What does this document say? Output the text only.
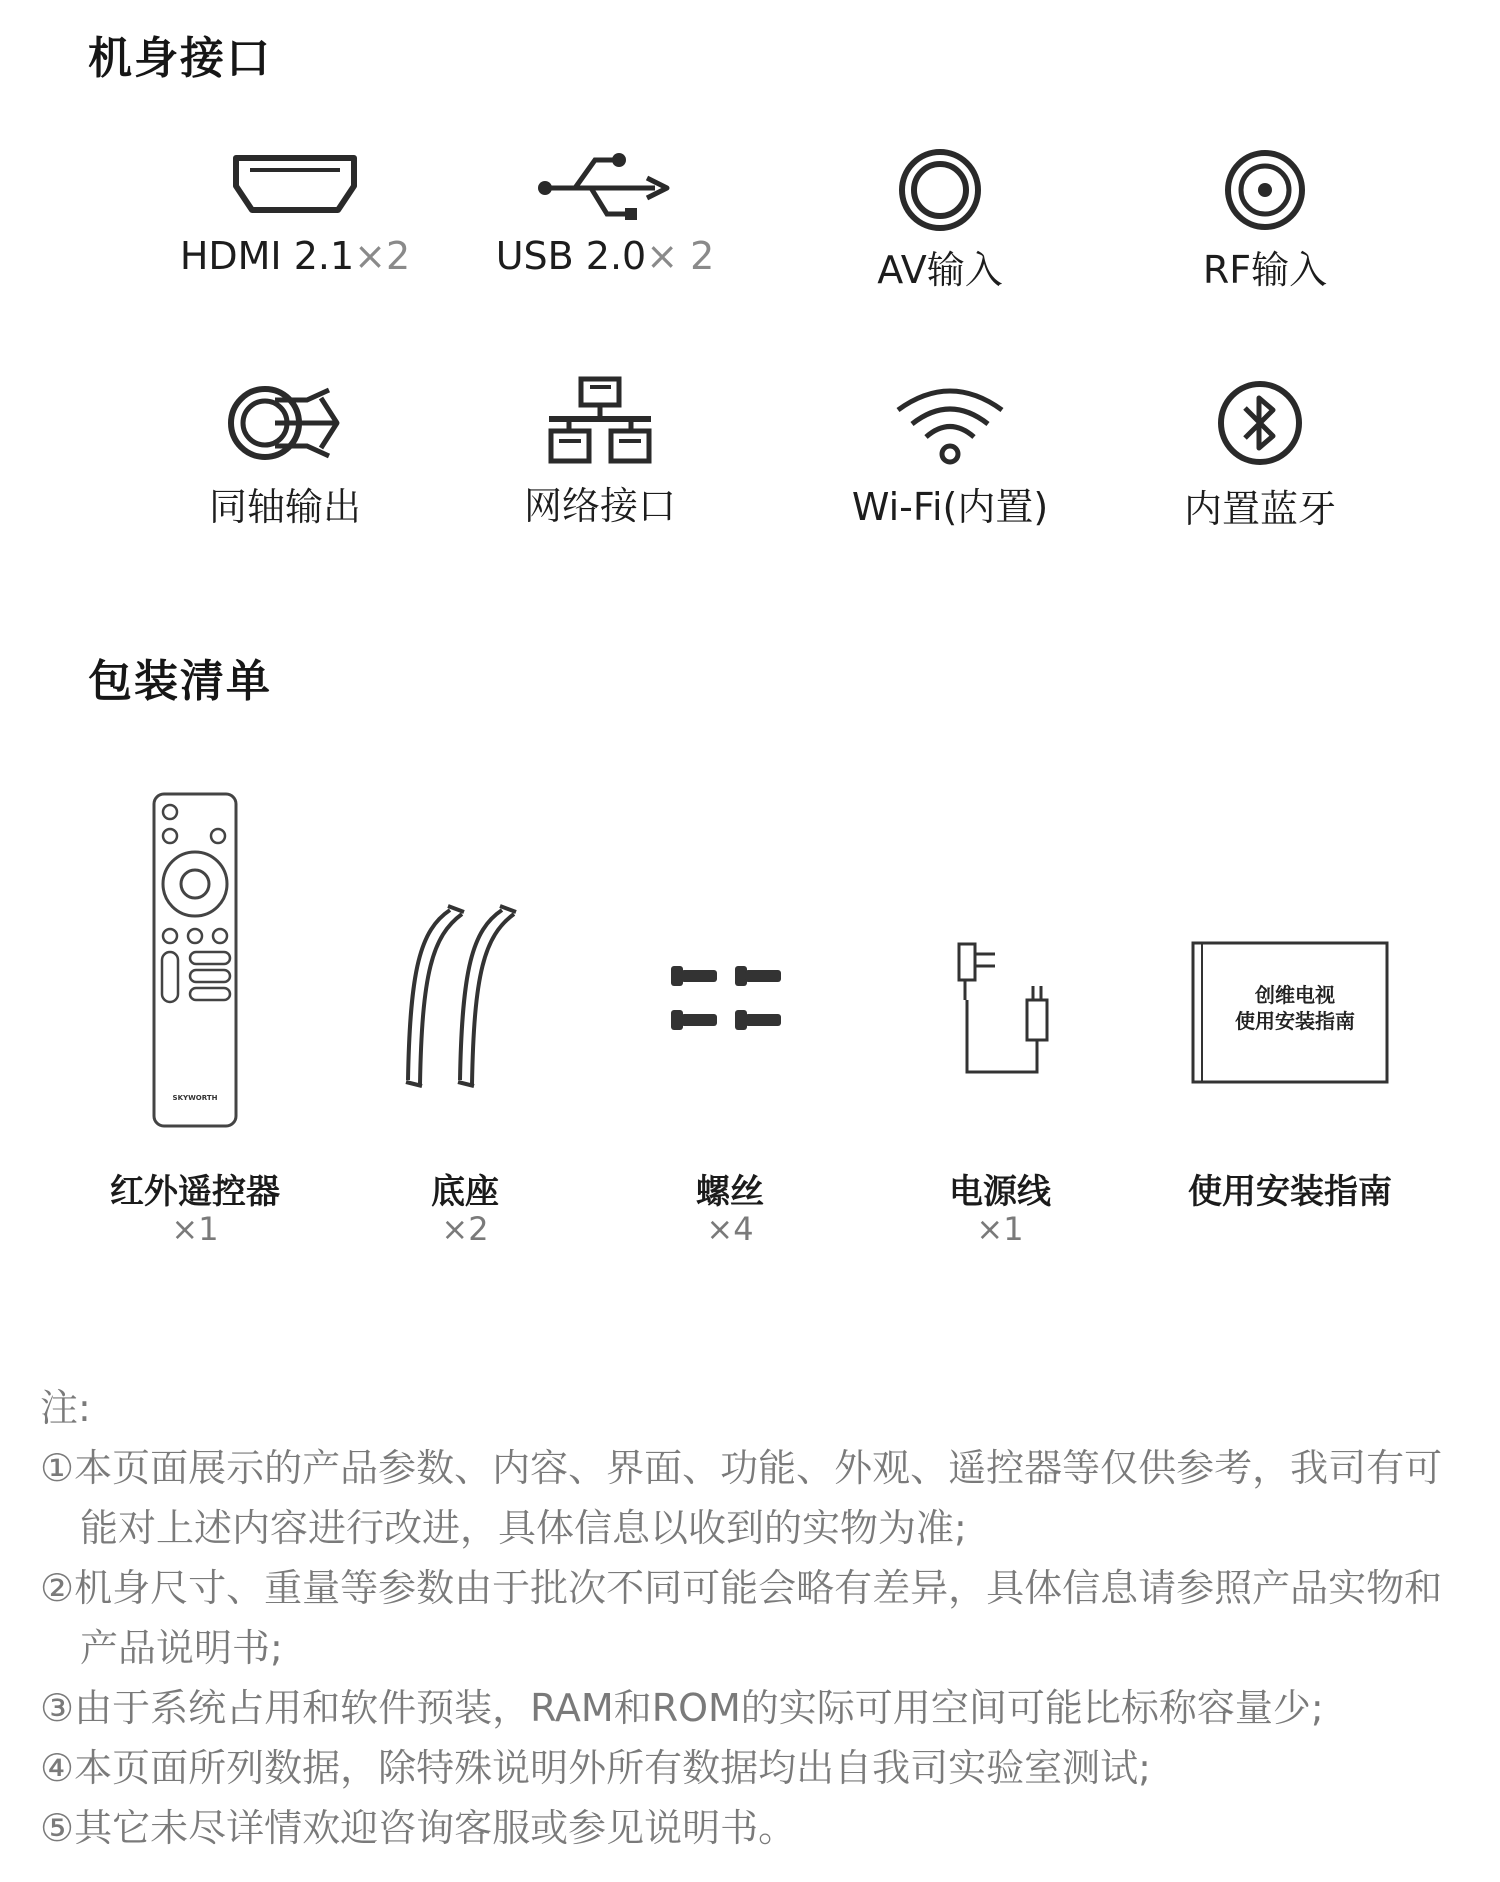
机身接口
HDMI 2.1×2	USB 2.0× 2	AV输入	RF输入
同轴输出	网络接口	Wi-Fi(内置)	内置蓝牙
包装清单
SKYWORTH
红外遥控器
×1
底座
×2
螺丝
×4
电源线
×1
创维电视
使用安装指南
使用安装指南
注:
①本页面展示的产品参数、内容、界面、功能、外观、遥控器等仅供参考，我司有可能对上述内容进行改进，具体信息以收到的实物为准;
②机身尺寸、重量等参数由于批次不同可能会略有差异，具体信息请参照产品实物和产品说明书;
③由于系统占用和软件预装，RAM和ROM的实际可用空间可能比标称容量少;
④本页面所列数据，除特殊说明外所有数据均出自我司实验室测试;
⑤其它未尽详情欢迎咨询客服或参见说明书。
